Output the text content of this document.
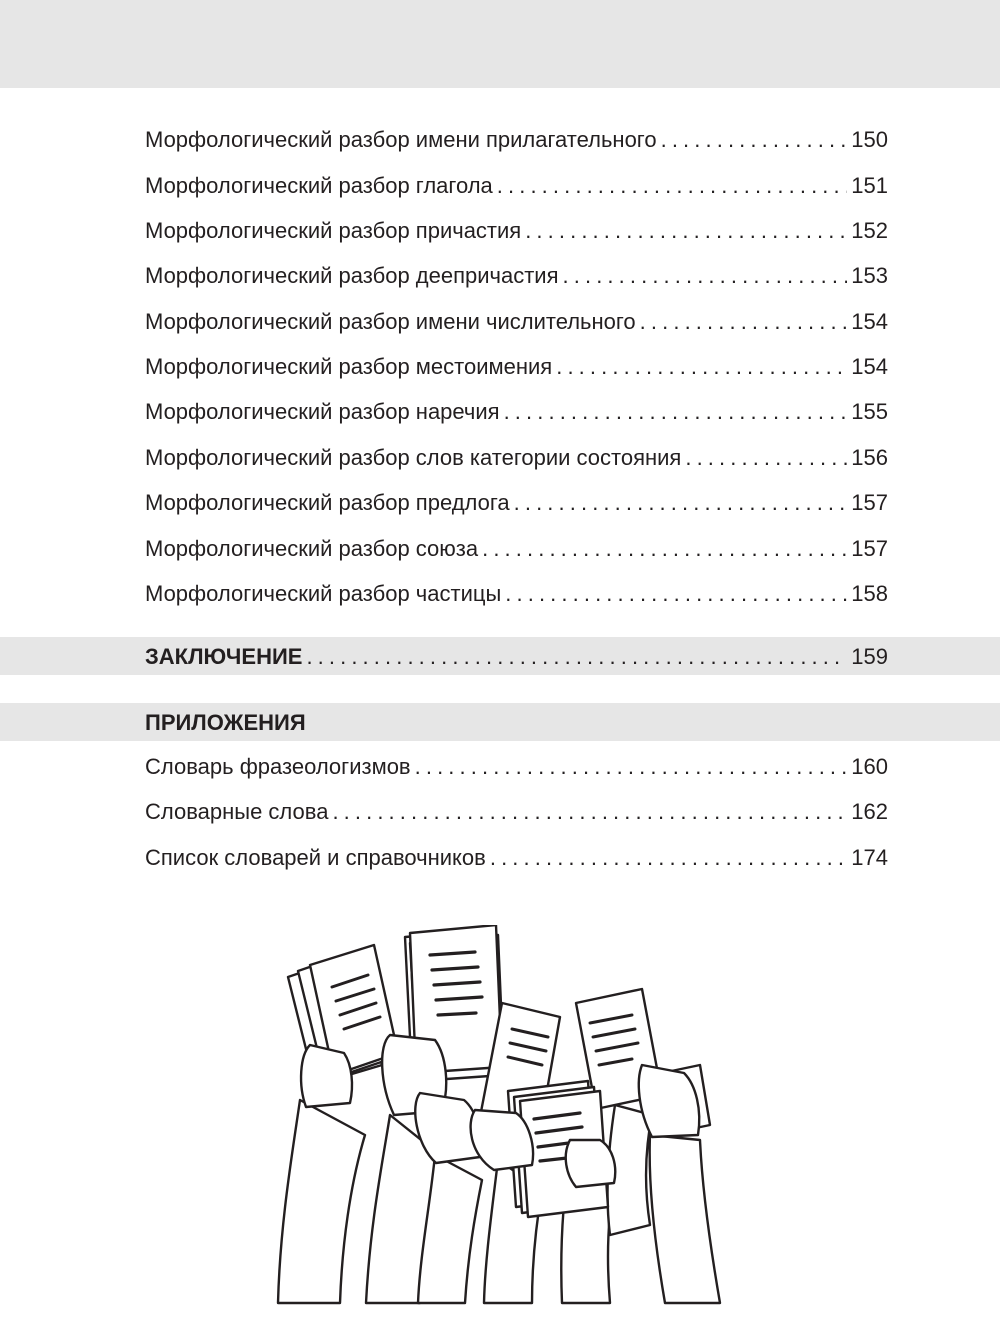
Морфологический разбор имени прилагательного . . .	150
Морфологический разбор глагола . . .	151
Морфологический разбор причастия . . .	152
Морфологический разбор деепричастия . . .	153
Морфологический разбор имени числительного . . .	154
Морфологический разбор местоимения . . .	154
Морфологический разбор наречия . . .	155
Морфологический разбор слов категории состояния . . .	156
Морфологический разбор предлога . . .	157
Морфологический разбор союза . . .	157
Морфологический разбор частицы . . .	158
ЗАКЛЮЧЕНИЕ . . .	159
ПРИЛОЖЕНИЯ
Словарь фразеологизмов . . .	160
Словарные слова . . .	162
Список словарей и справочников . . .	174
